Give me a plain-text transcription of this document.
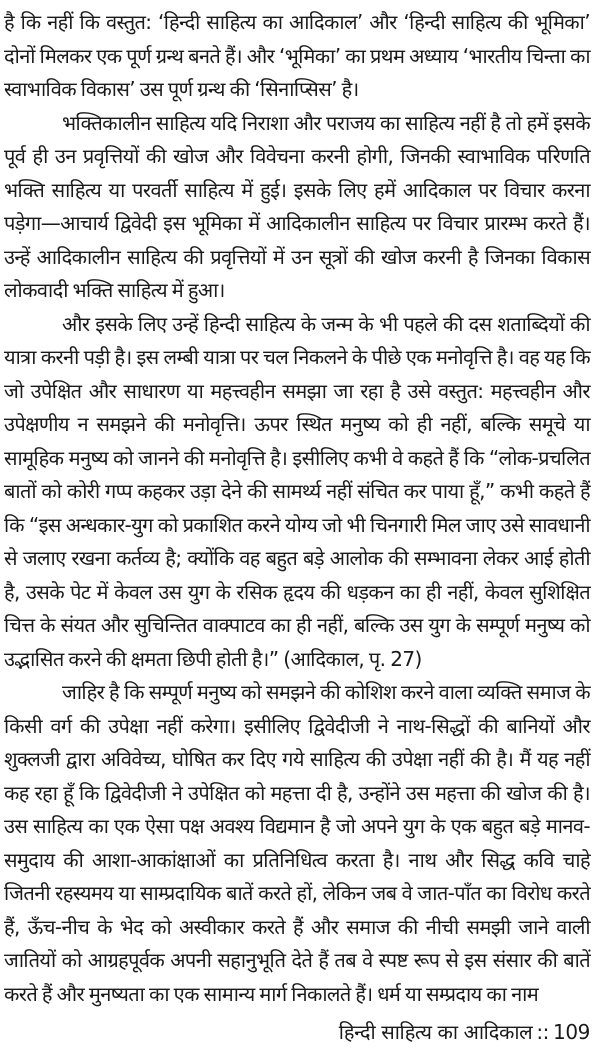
है कि नहीं कि वस्तुत: ‘हिन्दी साहित्य का आदिकाल’ और ‘हिन्दी साहित्य की भूमिका’ दोनों मिलकर एक पूर्ण ग्रन्थ बनते हैं। और ‘भूमिका’ का प्रथम अध्याय ‘भारतीय चिन्ता का स्वाभाविक विकास’ उस पूर्ण ग्रन्थ की ‘सिनाप्सिस’ है।

भक्तिकालीन साहित्य यदि निराशा और पराजय का साहित्य नहीं है तो हमें इसके पूर्व ही उन प्रवृत्तियों की खोज और विवेचना करनी होगी, जिनकी स्वाभाविक परिणति भक्ति साहित्य या परवर्ती साहित्य में हुई। इसके लिए हमें आदिकाल पर विचार करना पड़ेगा—आचार्य द्विवेदी इस भूमिका में आदिकालीन साहित्य पर विचार प्रारम्भ करते हैं। उन्हें आदिकालीन साहित्य की प्रवृत्तियों में उन सूत्रों की खोज करनी है जिनका विकास लोकवादी भक्ति साहित्य में हुआ।

और इसके लिए उन्हें हिन्दी साहित्य के जन्म के भी पहले की दस शताब्दियों की यात्रा करनी पड़ी है। इस लम्बी यात्रा पर चल निकलने के पीछे एक मनोवृत्ति है। वह यह कि जो उपेक्षित और साधारण या महत्त्वहीन समझा जा रहा है उसे वस्तुत: महत्त्वहीन और उपेक्षणीय न समझने की मनोवृत्ति। ऊपर स्थित मनुष्य को ही नहीं, बल्कि समूचे या सामूहिक मनुष्य को जानने की मनोवृत्ति है। इसीलिए कभी वे कहते हैं कि “लोक-प्रचलित बातों को कोरी गप्प कहकर उड़ा देने की सामर्थ्य नहीं संचित कर पाया हूँ,” कभी कहते हैं कि “इस अन्धकार-युग को प्रकाशित करने योग्य जो भी चिनगारी मिल जाए उसे सावधानी से जलाए रखना कर्तव्य है; क्योंकि वह बहुत बड़े आलोक की सम्भावना लेकर आई होती है, उसके पेट में केवल उस युग के रसिक हृदय की धड़कन का ही नहीं, केवल सुशिक्षित चित्त के संयत और सुचिन्तित वाक्पाटव का ही नहीं, बल्कि उस युग के सम्पूर्ण मनुष्य को उद्भासित करने की क्षमता छिपी होती है।” (आदिकाल, पृ. 27)

जाहिर है कि सम्पूर्ण मनुष्य को समझने की कोशिश करने वाला व्यक्ति समाज के किसी वर्ग की उपेक्षा नहीं करेगा। इसीलिए द्विवेदीजी ने नाथ-सिद्धों की बानियों और शुक्लजी द्वारा अविवेच्य, घोषित कर दिए गये साहित्य की उपेक्षा नहीं की है। मैं यह नहीं कह रहा हूँ कि द्विवेदीजी ने उपेक्षित को महत्ता दी है, उन्होंने उस महत्ता की खोज की है। उस साहित्य का एक ऐसा पक्ष अवश्य विद्यमान है जो अपने युग के एक बहुत बड़े मानव-समुदाय की आशा-आकांक्षाओं का प्रतिनिधित्व करता है। नाथ और सिद्ध कवि चाहे जितनी रहस्यमय या साम्प्रदायिक बातें करते हों, लेकिन जब वे जात-पाँत का विरोध करते हैं, ऊँच-नीच के भेद को अस्वीकार करते हैं और समाज की नीची समझी जाने वाली जातियों को आग्रहपूर्वक अपनी सहानुभूति देते हैं तब वे स्पष्ट रूप से इस संसार की बातें करते हैं और मुनष्यता का एक सामान्य मार्ग निकालते हैं। धर्म या सम्प्रदाय का नाम

हिन्दी साहित्य का आदिकाल :: 109
